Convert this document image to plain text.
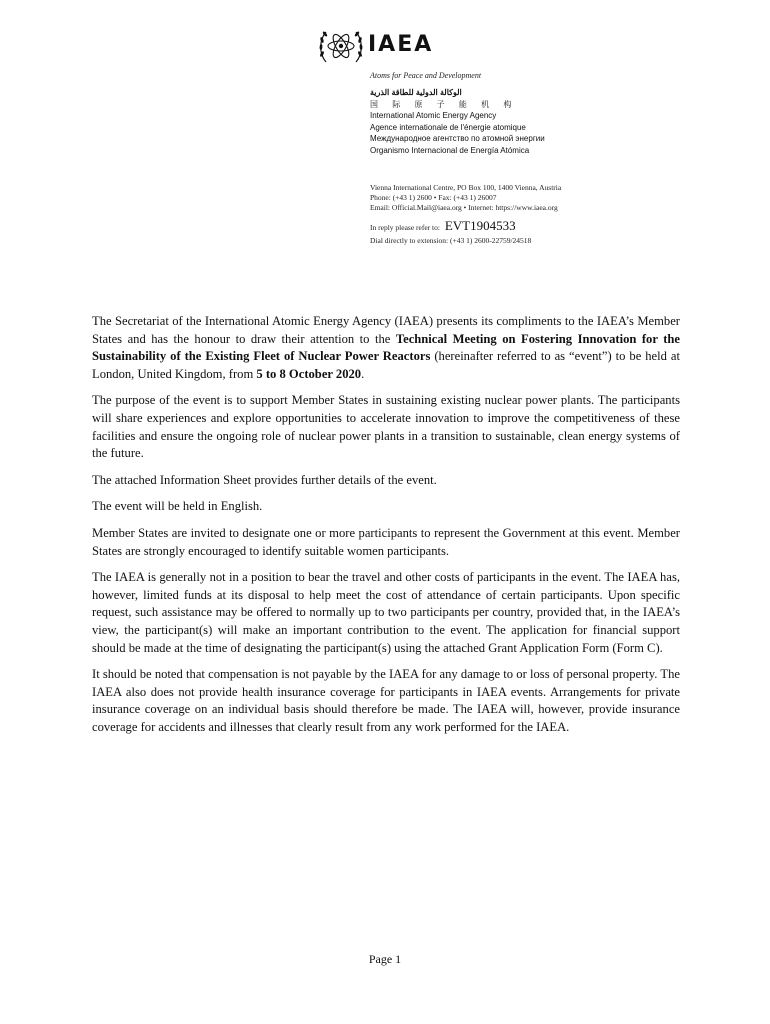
IAEA
Atoms for Peace and Development
الوكالة الدولية للطاقة الذرية
国 际 原 子 能 机 构
International Atomic Energy Agency
Agence internationale de l'énergie atomique
Международное агентство по атомной энергии
Organismo Internacional de Energía Atómica
Vienna International Centre, PO Box 100, 1400 Vienna, Austria
Phone: (+43 1) 2600 • Fax: (+43 1) 26007
Email: Official.Mail@iaea.org • Internet: https://www.iaea.org
In reply please refer to: EVT1904533
Dial directly to extension: (+43 1) 2600-22759/24518

The Secretariat of the International Atomic Energy Agency (IAEA) presents its compliments to the IAEA’s Member States and has the honour to draw their attention to the Technical Meeting on Fostering Innovation for the Sustainability of the Existing Fleet of Nuclear Power Reactors (hereinafter referred to as “event”) to be held at London, United Kingdom, from 5 to 8 October 2020.

The purpose of the event is to support Member States in sustaining existing nuclear power plants. The participants will share experiences and explore opportunities to accelerate innovation to improve the competitiveness of these facilities and ensure the ongoing role of nuclear power plants in a transition to sustainable, clean energy systems of the future.

The attached Information Sheet provides further details of the event.

The event will be held in English.

Member States are invited to designate one or more participants to represent the Government at this event. Member States are strongly encouraged to identify suitable women participants.

The IAEA is generally not in a position to bear the travel and other costs of participants in the event. The IAEA has, however, limited funds at its disposal to help meet the cost of attendance of certain participants. Upon specific request, such assistance may be offered to normally up to two participants per country, provided that, in the IAEA’s view, the participant(s) will make an important contribution to the event. The application for financial support should be made at the time of designating the participant(s) using the attached Grant Application Form (Form C).

It should be noted that compensation is not payable by the IAEA for any damage to or loss of personal property. The IAEA also does not provide health insurance coverage for participants in IAEA events. Arrangements for private insurance coverage on an individual basis should therefore be made. The IAEA will, however, provide insurance coverage for accidents and illnesses that clearly result from any work performed for the IAEA.

Page 1
